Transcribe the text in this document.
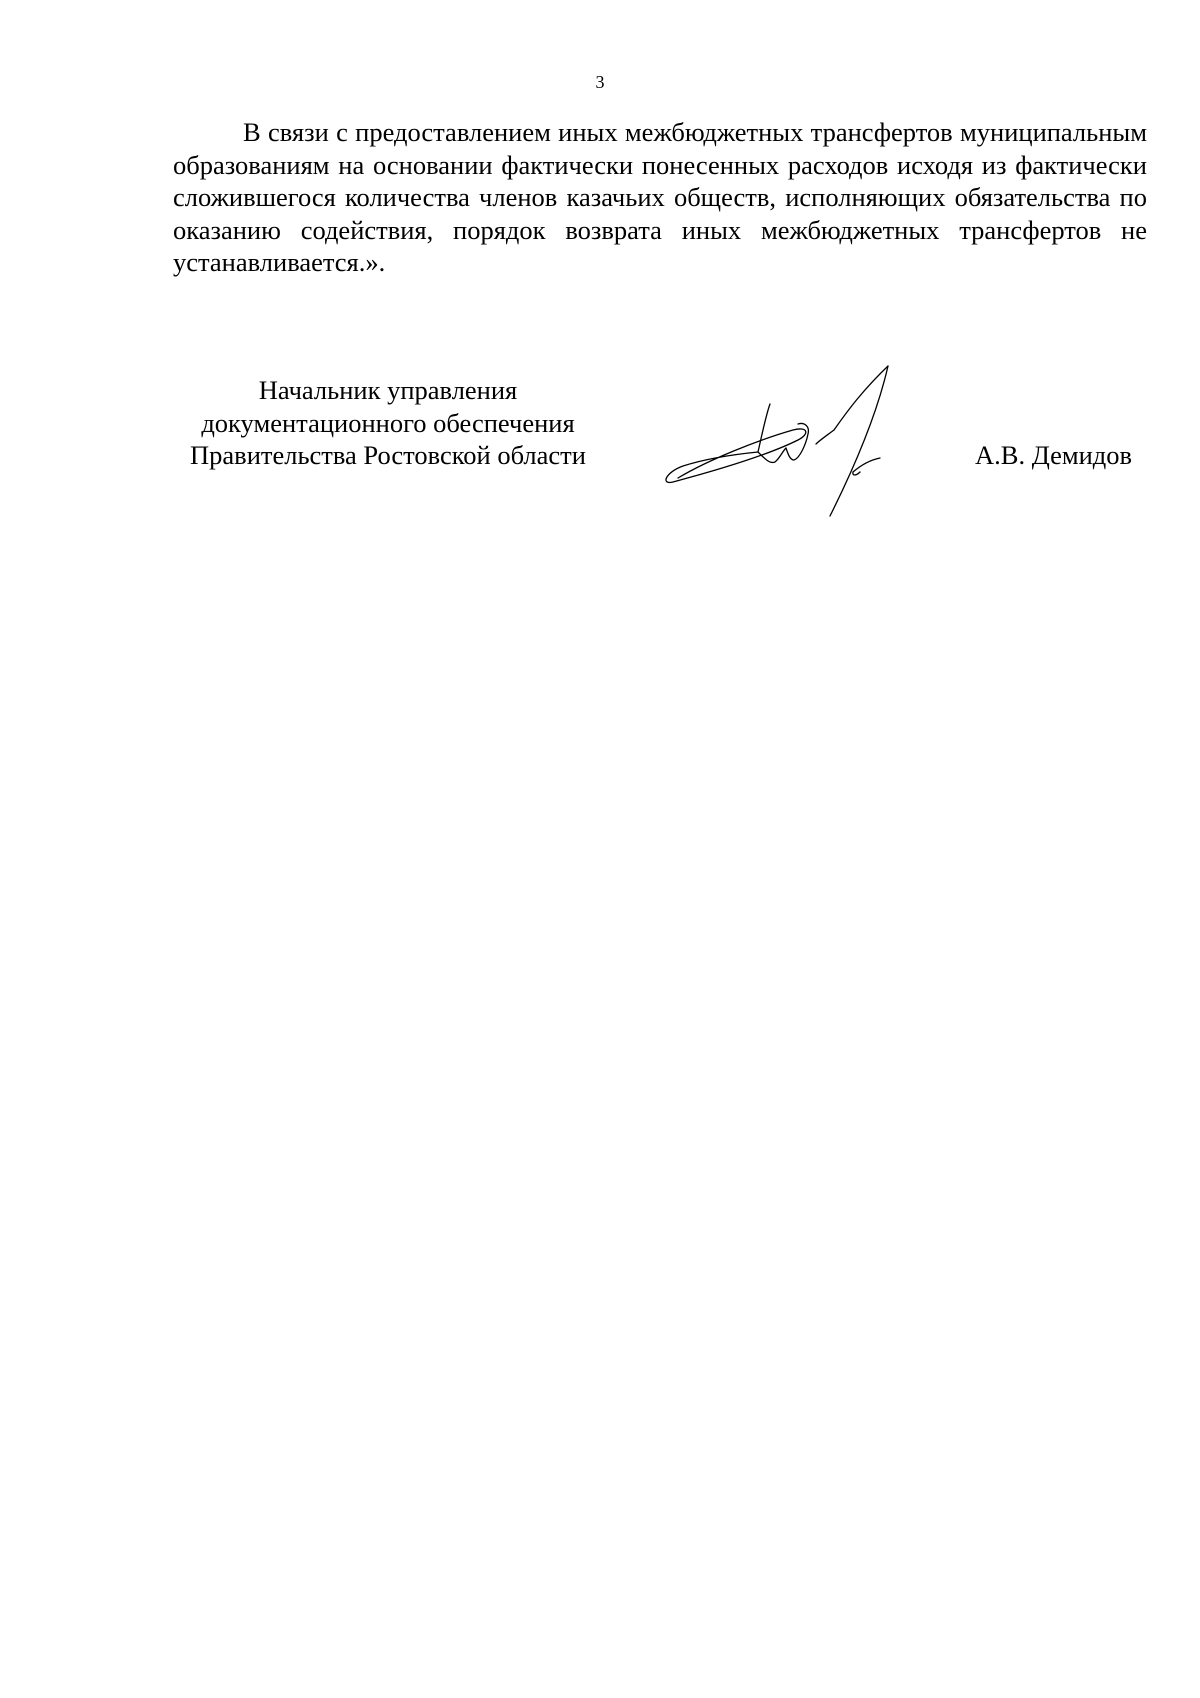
3

В связи с предоставлением иных межбюджетных трансфертов муниципальным образованиям на основании фактически понесенных расходов исходя из фактически сложившегося количества членов казачьих обществ, исполняющих обязательства по оказанию содействия, порядок возврата иных межбюджетных трансфертов не устанавливается.».

Начальник управления
документационного обеспечения
Правительства Ростовской области	А.В. Демидов
